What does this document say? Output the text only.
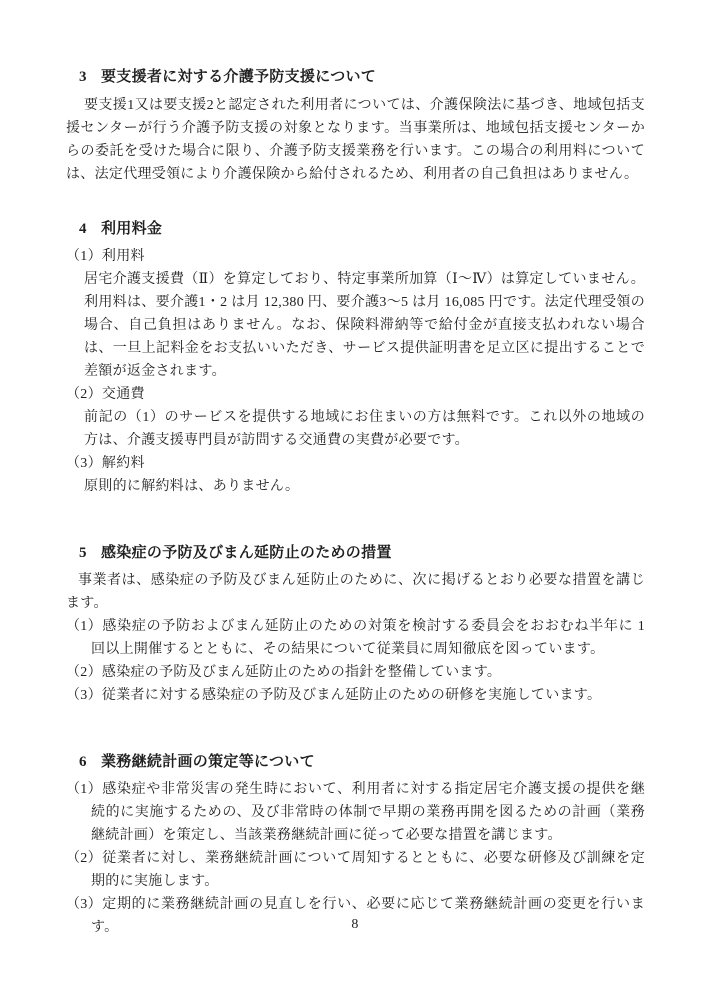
3 要支援者に対する介護予防支援について

要支援1又は要支援2と認定された利用者については、介護保険法に基づき、地域包括支援センターが行う介護予防支援の対象となります。当事業所は、地域包括支援センターからの委託を受けた場合に限り、介護予防支援業務を行います。この場合の利用料については、法定代理受領により介護保険から給付されるため、利用者の自己負担はありません。

4 利用料金

（1）利用料

居宅介護支援費（Ⅱ）を算定しており、特定事業所加算（Ⅰ～Ⅳ）は算定していません。利用料は、要介護1・2 は月 12,380 円、要介護3～5 は月 16,085 円です。法定代理受領の場合、自己負担はありません。なお、保険料滞納等で給付金が直接支払われない場合は、一旦上記料金をお支払いいただき、サービス提供証明書を足立区に提出することで差額が返金されます。

（2）交通費

前記の（1）のサービスを提供する地域にお住まいの方は無料です。これ以外の地域の方は、介護支援専門員が訪問する交通費の実費が必要です。

（3）解約料

原則的に解約料は、ありません。

5 感染症の予防及びまん延防止のための措置

事業者は、感染症の予防及びまん延防止のために、次に掲げるとおり必要な措置を講じます。

（1）感染症の予防およびまん延防止のための対策を検討する委員会をおおむね半年に 1 回以上開催するとともに、その結果について従業員に周知徹底を図っています。

（2）感染症の予防及びまん延防止のための指針を整備しています。

（3）従業者に対する感染症の予防及びまん延防止のための研修を実施しています。

6 業務継続計画の策定等について

（1）感染症や非常災害の発生時において、利用者に対する指定居宅介護支援の提供を継続的に実施するための、及び非常時の体制で早期の業務再開を図るための計画（業務継続計画）を策定し、当該業務継続計画に従って必要な措置を講じます。

（2）従業者に対し、業務継続計画について周知するとともに、必要な研修及び訓練を定期的に実施します。

（3）定期的に業務継続計画の見直しを行い、必要に応じて業務継続計画の変更を行います。	8
